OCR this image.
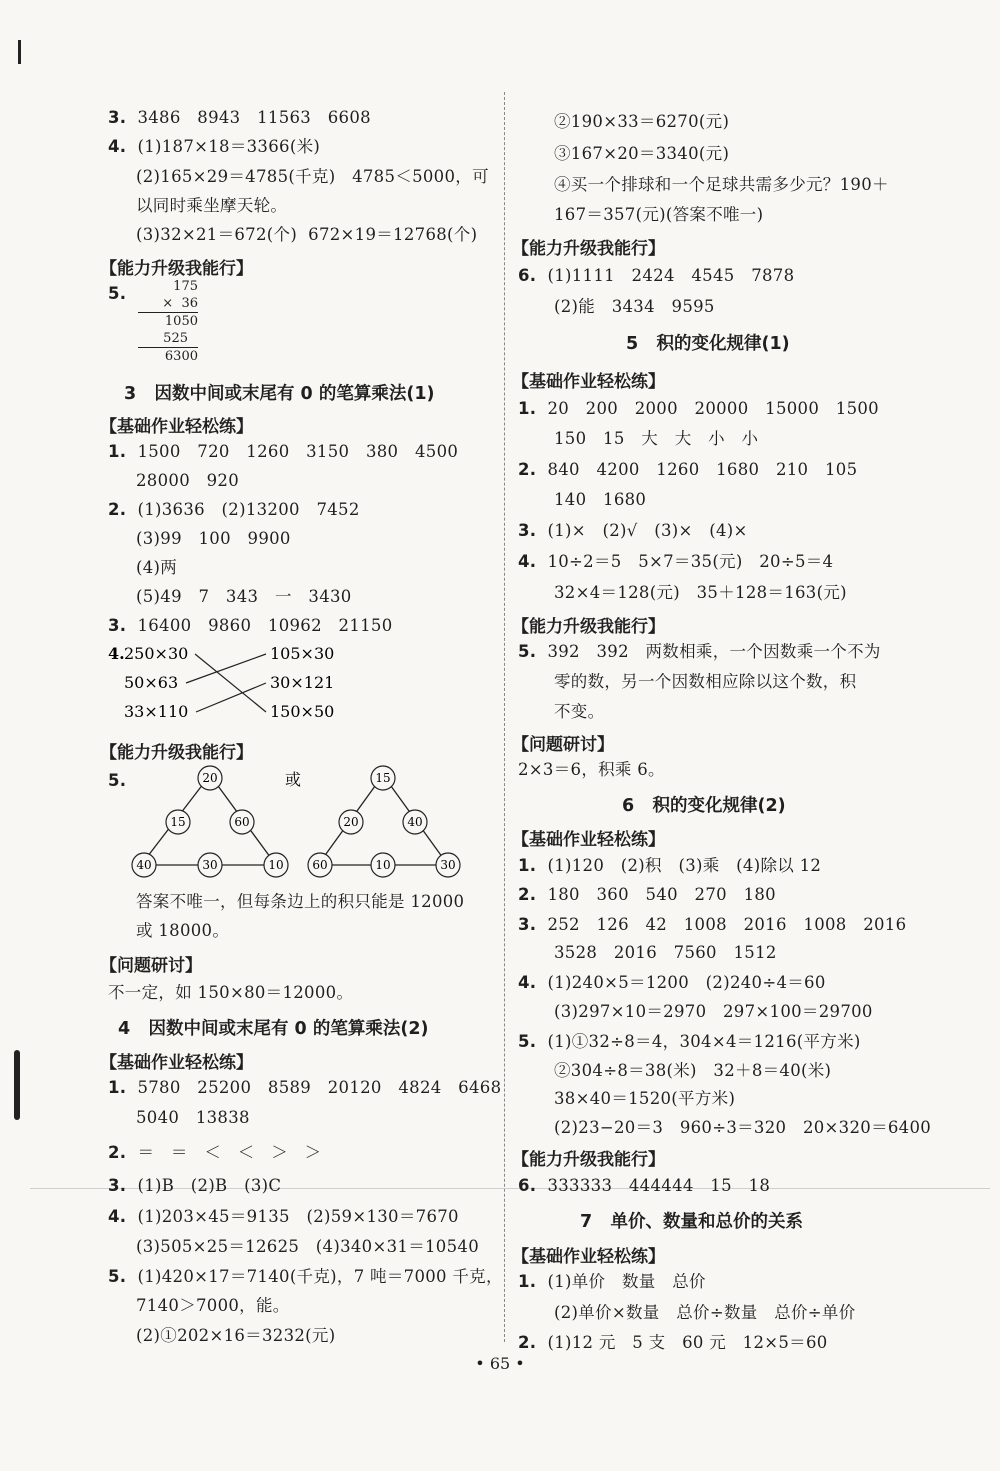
3. 3486   8943   11563   6608
4. (1)187×18＝3366(米)
(2)165×29＝4785(千克)   4785＜5000，可
以同时乘坐摩天轮。
(3)32×21＝672(个)  672×19＝12768(个)
【能力升级我能行】
5.	175
×  36
1050
525
6300
3   因数中间或末尾有 0 的笔算乘法(1)
【基础作业轻松练】
1. 1500   720   1260   3150   380   4500
28000   920
2. (1)3636   (2)13200   7452
(3)99   100   9900
(4)两
(5)49   7   343   一   3430
3. 16400   9860   10962   21150
4. 250×30
50×63
33×110
105×30
30×121
150×50
【能力升级我能行】
5.	20
15	60
40	30	10
或	15
20	40
60	10	30
答案不唯一，但每条边上的积只能是 12000
或 18000。
【问题研讨】
不一定，如 150×80＝12000。
4   因数中间或末尾有 0 的笔算乘法(2)
【基础作业轻松练】
1. 5780   25200   8589   20120   4824   6468
5040   13838
2. ＝   ＝   ＜   ＜   ＞   ＞
3. (1)B   (2)B   (3)C
4. (1)203×45＝9135   (2)59×130＝7670
(3)505×25＝12625   (4)340×31＝10540
5. (1)420×17＝7140(千克)，7 吨＝7000 千克，
7140＞7000，能。
(2)①202×16＝3232(元)
②190×33＝6270(元)
③167×20＝3340(元)
④买一个排球和一个足球共需多少元？190＋
167＝357(元)(答案不唯一)
【能力升级我能行】
6. (1)1111   2424   4545   7878
(2)能   3434   9595
5   积的变化规律(1)
【基础作业轻松练】
1. 20   200   2000   20000   15000   1500
150   15   大   大   小   小
2. 840   4200   1260   1680   210   105
140   1680
3. (1)×   (2)√   (3)×   (4)×
4. 10÷2＝5   5×7＝35(元)   20÷5＝4
32×4＝128(元)   35＋128＝163(元)
【能力升级我能行】
5. 392   392   两数相乘，一个因数乘一个不为
零的数，另一个因数相应除以这个数，积
不变。
【问题研讨】
2×3＝6，积乘 6。
6   积的变化规律(2)
【基础作业轻松练】
1. (1)120   (2)积   (3)乘   (4)除以 12
2. 180   360   540   270   180
3. 252   126   42   1008   2016   1008   2016
3528   2016   7560   1512
4. (1)240×5＝1200   (2)240÷4＝60
(3)297×10＝2970   297×100＝29700
5. (1)①32÷8＝4，304×4＝1216(平方米)
②304÷8＝38(米)   32＋8＝40(米)
38×40＝1520(平方米)
(2)23−20＝3   960÷3＝320   20×320＝6400
【能力升级我能行】
6. 333333   444444   15   18
7   单价、数量和总价的关系
【基础作业轻松练】
1. (1)单价   数量   总价
(2)单价×数量   总价÷数量   总价÷单价
2. (1)12 元   5 支   60 元   12×5＝60
• 65 •
